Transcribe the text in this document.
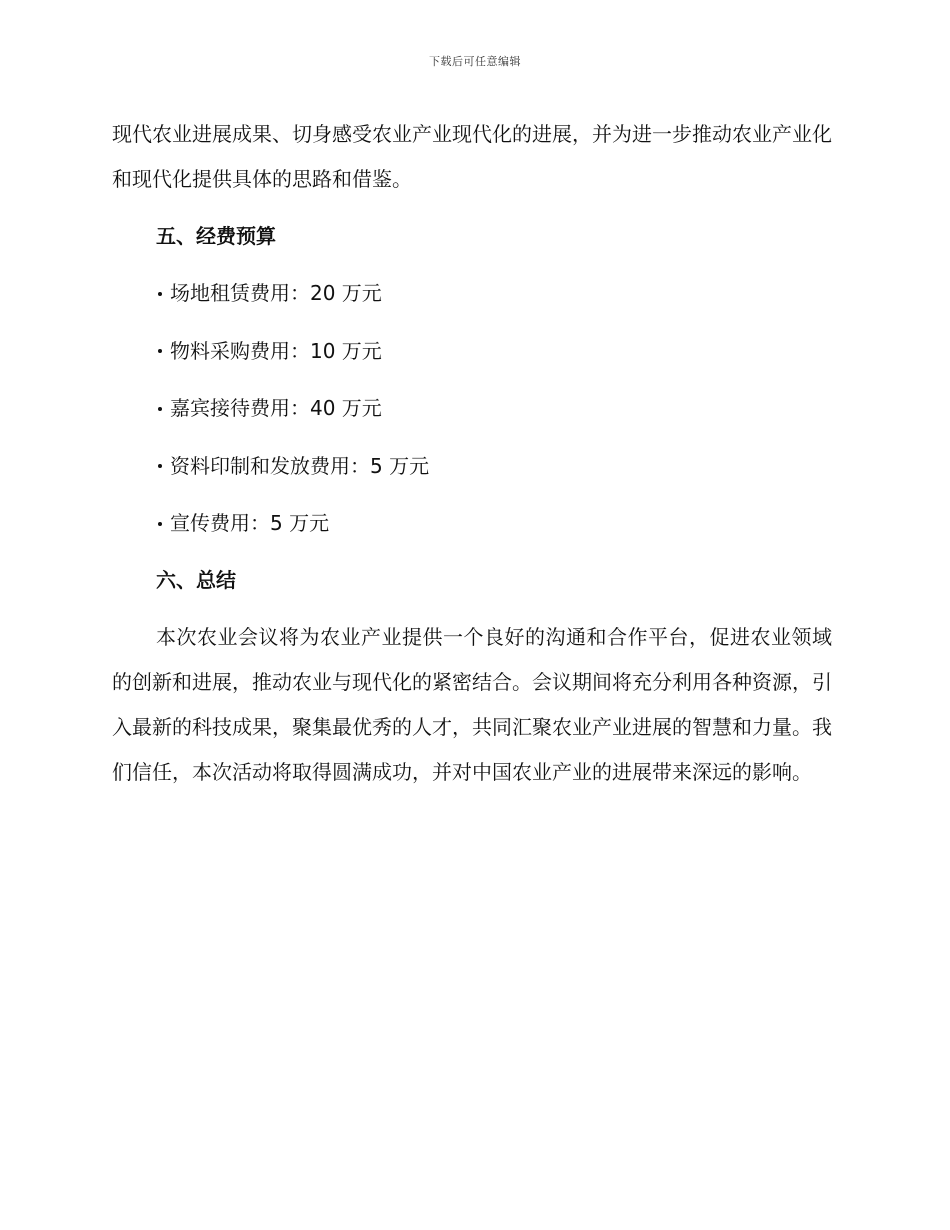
下载后可任意编辑

现代农业进展成果、切身感受农业产业现代化的进展，并为进一步推动农业产业化和现代化提供具体的思路和借鉴。

五、经费预算
场地租赁费用：20 万元
物料采购费用：10 万元
嘉宾接待费用：40 万元
资料印制和发放费用：5 万元
宣传费用：5 万元
六、总结

本次农业会议将为农业产业提供一个良好的沟通和合作平台，促进农业领域的创新和进展，推动农业与现代化的紧密结合。会议期间将充分利用各种资源，引入最新的科技成果，聚集最优秀的人才，共同汇聚农业产业进展的智慧和力量。我们信任，本次活动将取得圆满成功，并对中国农业产业的进展带来深远的影响。
